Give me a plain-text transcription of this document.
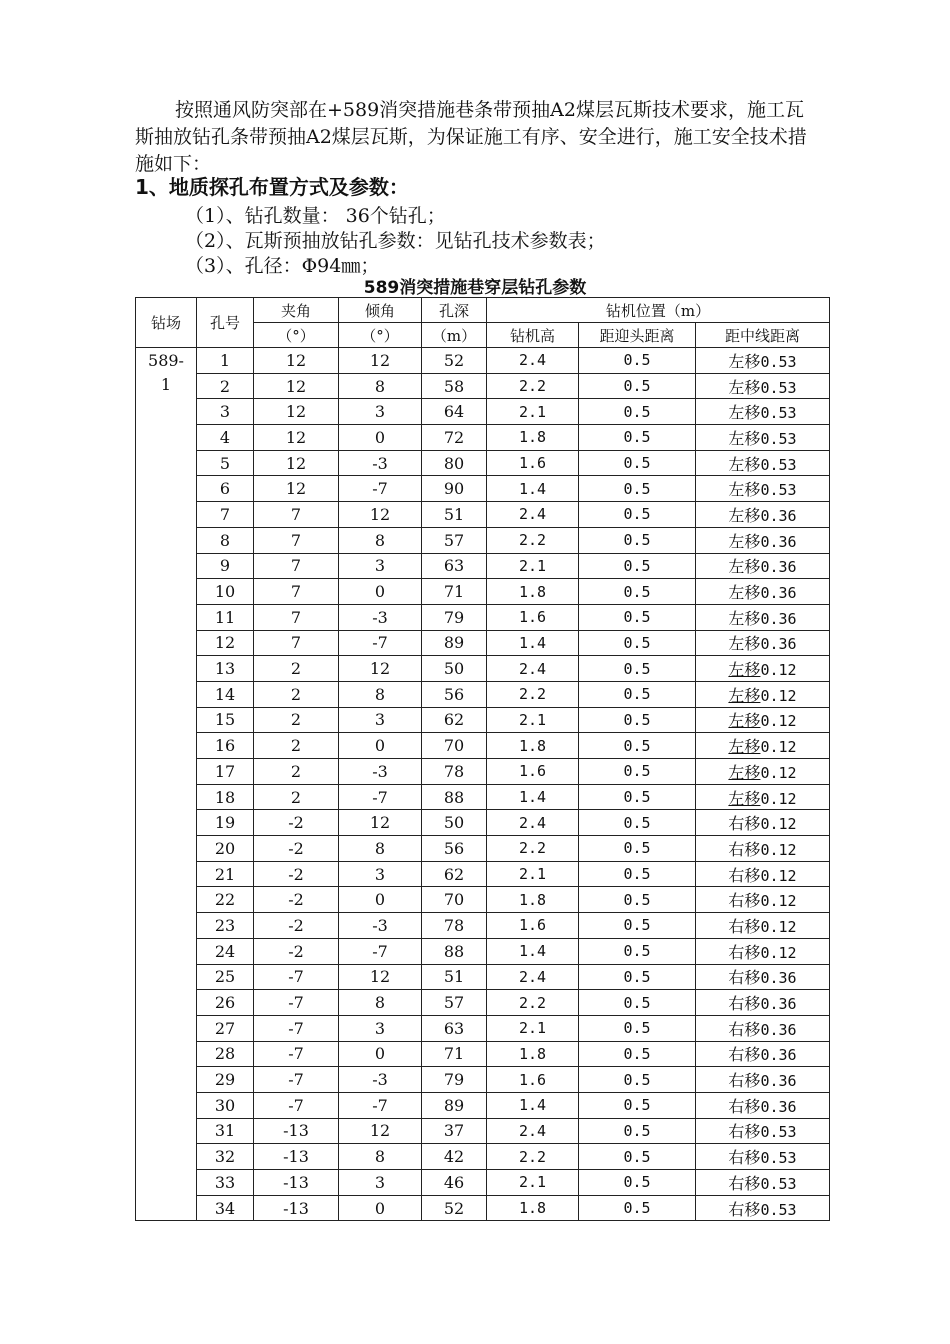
按照通风防突部在+589消突措施巷条带预抽A2煤层瓦斯技术要求，施工瓦斯抽放钻孔条带预抽A2煤层瓦斯，为保证施工有序、安全进行，施工安全技术措施如下：
1、地质探孔布置方式及参数：
（1）、钻孔数量： 36个钻孔；
（2）、瓦斯预抽放钻孔参数：见钻孔技术参数表；
（3）、孔径：Φ94㎜；
589消突措施巷穿层钻孔参数
钻场	孔号	夹角	倾角	孔深	钻机位置（m）		
		（°）	（°）	（m）	钻机高	距迎头距离	距中线距离
589-1	1	12	12	52	2.4	0.5	左移0.53
	2	12	8	58	2.2	0.5	左移0.53
	3	12	3	64	2.1	0.5	左移0.53
	4	12	0	72	1.8	0.5	左移0.53
	5	12	-3	80	1.6	0.5	左移0.53
	6	12	-7	90	1.4	0.5	左移0.53
	7	7	12	51	2.4	0.5	左移0.36
	8	7	8	57	2.2	0.5	左移0.36
	9	7	3	63	2.1	0.5	左移0.36
	10	7	0	71	1.8	0.5	左移0.36
	11	7	-3	79	1.6	0.5	左移0.36
	12	7	-7	89	1.4	0.5	左移0.36
	13	2	12	50	2.4	0.5	左移0.12
	14	2	8	56	2.2	0.5	左移0.12
	15	2	3	62	2.1	0.5	左移0.12
	16	2	0	70	1.8	0.5	左移0.12
	17	2	-3	78	1.6	0.5	左移0.12
	18	2	-7	88	1.4	0.5	左移0.12
	19	-2	12	50	2.4	0.5	右移0.12
	20	-2	8	56	2.2	0.5	右移0.12
	21	-2	3	62	2.1	0.5	右移0.12
	22	-2	0	70	1.8	0.5	右移0.12
	23	-2	-3	78	1.6	0.5	右移0.12
	24	-2	-7	88	1.4	0.5	右移0.12
	25	-7	12	51	2.4	0.5	右移0.36
	26	-7	8	57	2.2	0.5	右移0.36
	27	-7	3	63	2.1	0.5	右移0.36
	28	-7	0	71	1.8	0.5	右移0.36
	29	-7	-3	79	1.6	0.5	右移0.36
	30	-7	-7	89	1.4	0.5	右移0.36
	31	-13	12	37	2.4	0.5	右移0.53
	32	-13	8	42	2.2	0.5	右移0.53
	33	-13	3	46	2.1	0.5	右移0.53
	34	-13	0	52	1.8	0.5	右移0.53
